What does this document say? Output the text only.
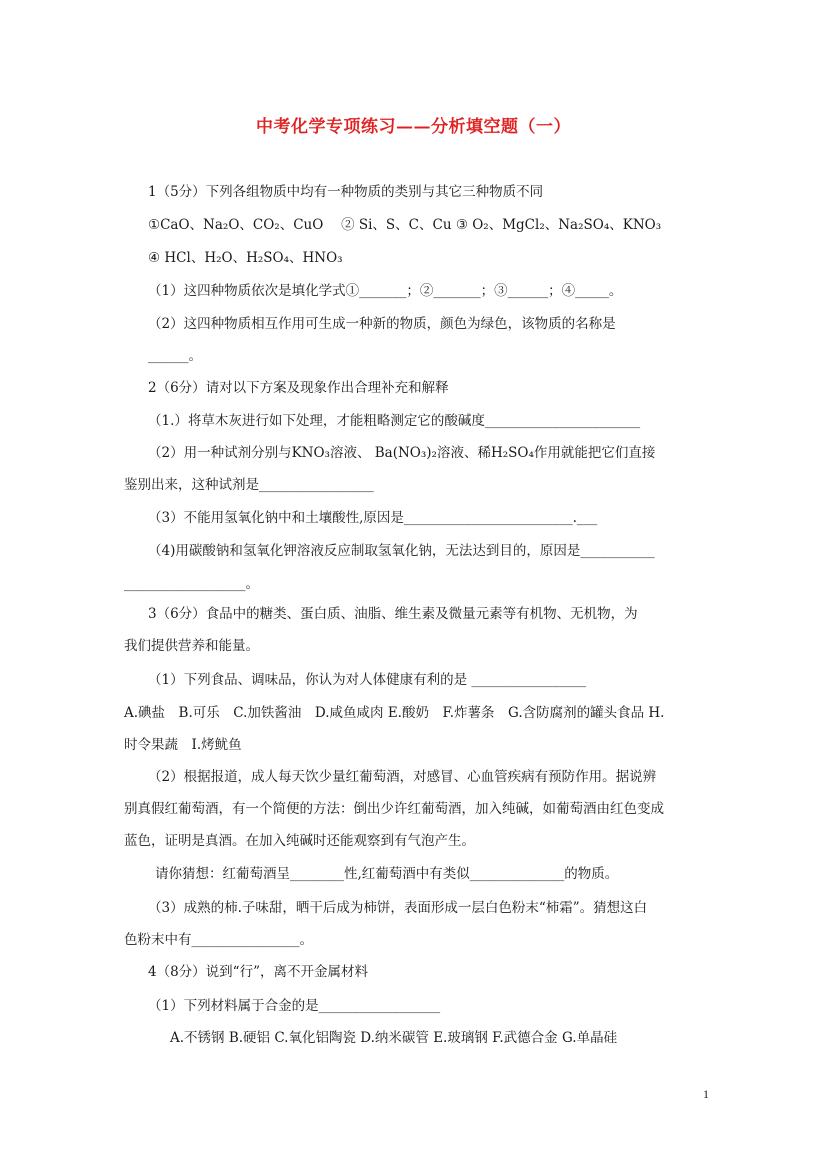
中考化学专项练习——分析填空题（一）
1（5分）下列各组物质中均有一种物质的类别与其它三种物质不同
①CaO、Na₂O、CO₂、CuO　 ② Si、S、C、Cu ③ O₂、MgCl₂、Na₂SO₄、KNO₃
④ HCl、H₂O、H₂SO₄、HNO₃
（1）这四种物质依次是填化学式①_______；②_______；③______；④_____。
（2）这四种物质相互作用可生成一种新的物质，颜色为绿色，该物质的名称是
______。
2（6分）请对以下方案及现象作出合理补充和解释
（1.）将草木灰进行如下处理，才能粗略测定它的酸碱度_______________________
（2）用一种试剂分别与KNO₃溶液、 Ba(NO₃)₂溶液、稀H₂SO₄作用就能把它们直接
鉴别出来，这种试剂是_________________
（3）不能用氢氧化钠中和土壤酸性,原因是_________________________.___
（4)用碳酸钠和氢氧化钾溶液反应制取氢氧化钠，无法达到目的，原因是___________
__________________。
3（6分）食品中的糖类、蛋白质、油脂、维生素及微量元素等有机物、无机物，为
我们提供营养和能量。
（1）下列食品、调味品，你认为对人体健康有利的是 _________________
A.碘盐　B.可乐　C.加铁酱油　D.咸鱼咸肉 E.酸奶　F.炸薯条　G.含防腐剂的罐头食品 H.
时令果蔬　I.烤鱿鱼
（2）根据报道，成人每天饮少量红葡萄酒，对感冒、心血管疾病有预防作用。据说辨
别真假红葡萄酒，有一个简便的方法：倒出少许红葡萄酒，加入纯碱，如葡萄酒由红色变成
蓝色，证明是真酒。在加入纯碱时还能观察到有气泡产生。
请你猜想：红葡萄酒呈________性,红葡萄酒中有类似______________的物质。
（3）成熟的柿.子味甜，晒干后成为柿饼，表面形成一层白色粉末“柿霜”。猜想这白
色粉末中有________________。
4（8分）说到“行”，离不开金属材料
（1）下列材料属于合金的是__________________
A.不锈钢 B.硬铝 C.氧化铝陶瓷 D.纳米碳管 E.玻璃钢 F.武德合金 G.单晶硅
1
